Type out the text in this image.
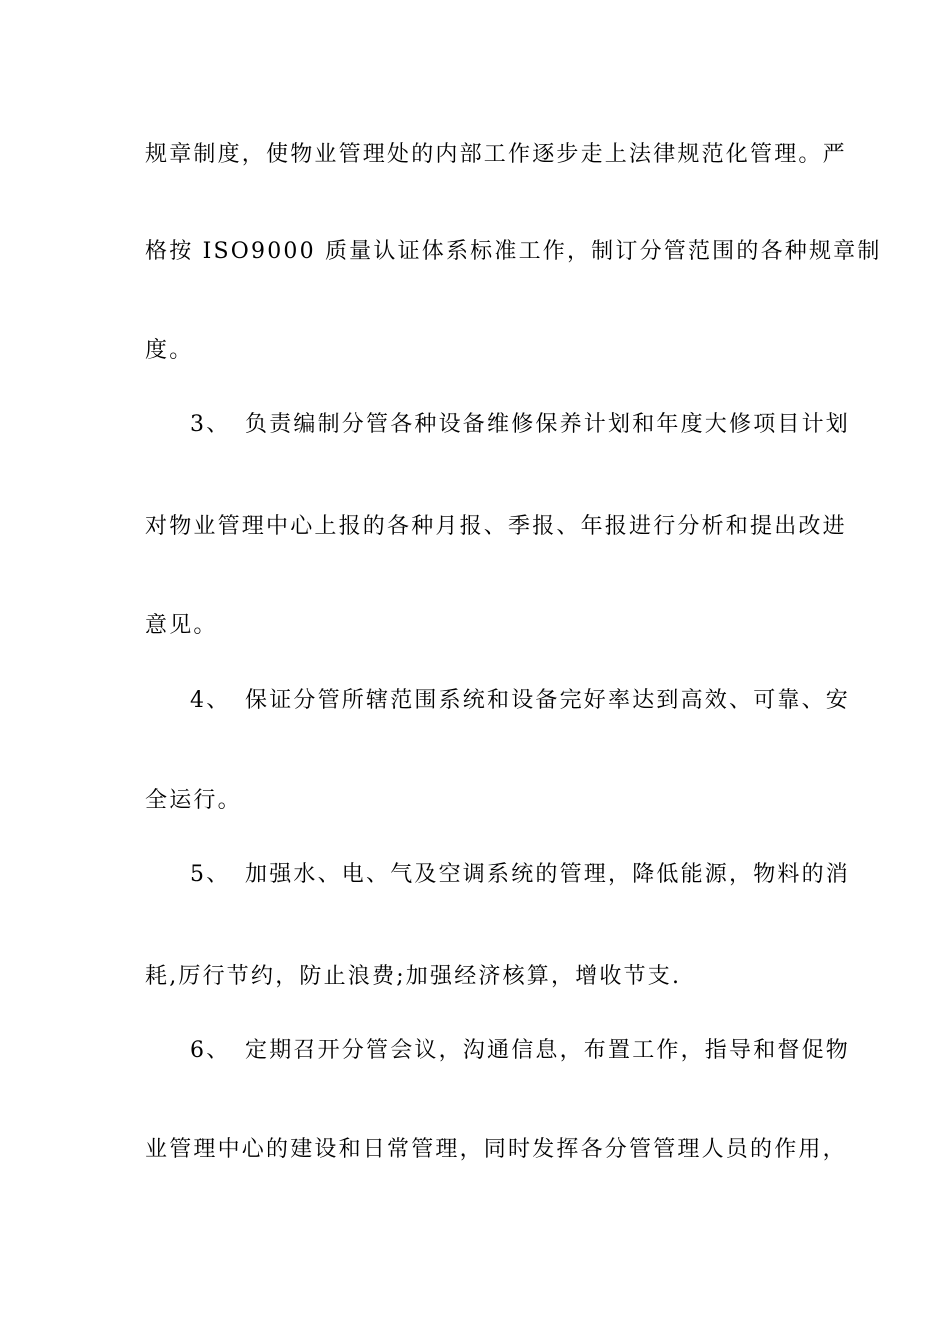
规章制度，使物业管理处的内部工作逐步走上法律规范化管理。严
格按 ISO9000 质量认证体系标准工作，制订分管范围的各种规章制
度。
3、 负责编制分管各种设备维修保养计划和年度大修项目计划
对物业管理中心上报的各种月报、季报、年报进行分析和提出改进
意见。
4、 保证分管所辖范围系统和设备完好率达到高效、可靠、安
全运行。
5、 加强水、电、气及空调系统的管理，降低能源，物料的消
耗,厉行节约，防止浪费;加强经济核算，增收节支.
6、 定期召开分管会议，沟通信息，布置工作，指导和督促物
业管理中心的建设和日常管理，同时发挥各分管管理人员的作用，
